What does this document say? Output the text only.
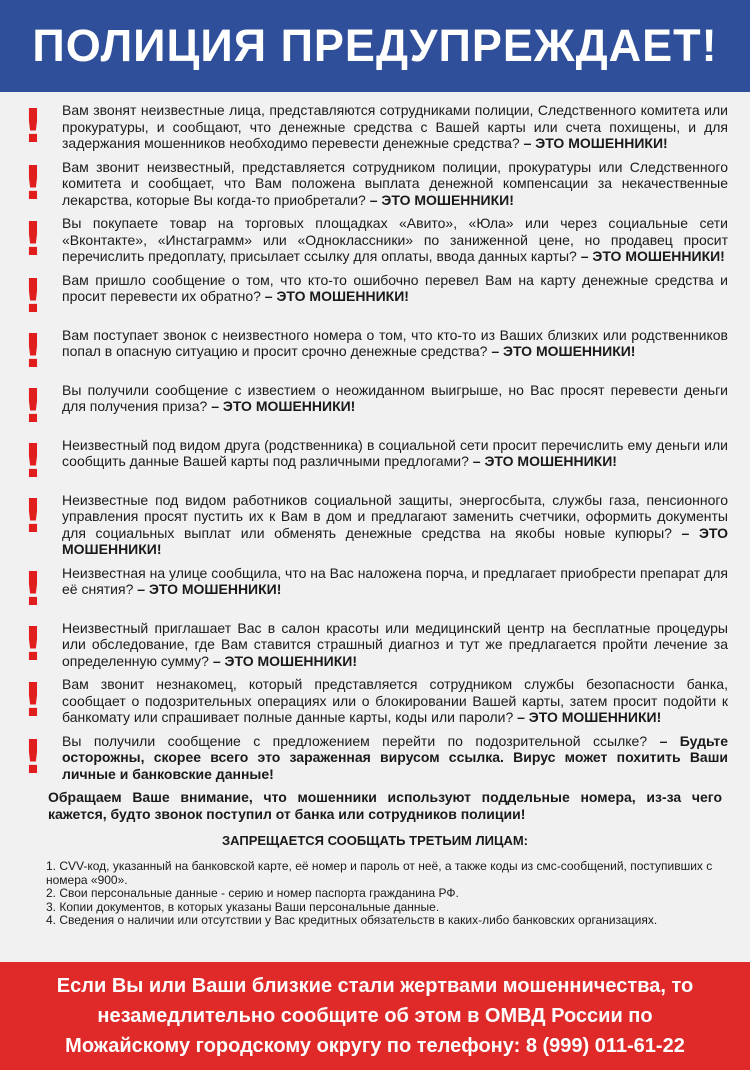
ПОЛИЦИЯ ПРЕДУПРЕЖДАЕТ!
! Вам звонят неизвестные лица, представляются сотрудниками полиции, Следственного комитета или прокуратуры, и сообщают, что денежные средства с Вашей карты или счета похищены, и для задержания мошенников необходимо перевести денежные средства? – ЭТО МОШЕННИКИ!
! Вам звонит неизвестный, представляется сотрудником полиции, прокуратуры или Следственного комитета и сообщает, что Вам положена выплата денежной компенсации за некачественные лекарства, которые Вы когда-то приобретали? – ЭТО МОШЕННИКИ!
! Вы покупаете товар на торговых площадках «Авито», «Юла» или через социальные сети «Вконтакте», «Инстаграмм» или «Одноклассники» по заниженной цене, но продавец просит перечислить предоплату, присылает ссылку для оплаты, ввода данных карты? – ЭТО МОШЕННИКИ!
! Вам пришло сообщение о том, что кто-то ошибочно перевел Вам на карту денежные средства и просит перевести их обратно? – ЭТО МОШЕННИКИ!
! Вам поступает звонок с неизвестного номера о том, что кто-то из Ваших близких или родственников попал в опасную ситуацию и просит срочно денежные средства? – ЭТО МОШЕННИКИ!
! Вы получили сообщение с известием о неожиданном выигрыше, но Вас просят перевести деньги для получения приза? – ЭТО МОШЕННИКИ!
! Неизвестный под видом друга (родственника) в социальной сети просит перечислить ему деньги или сообщить данные Вашей карты под различными предлогами? – ЭТО МОШЕННИКИ!
! Неизвестные под видом работников социальной защиты, энергосбыта, службы газа, пенсионного управления просят пустить их к Вам в дом и предлагают заменить счетчики, оформить документы для социальных выплат или обменять денежные средства на якобы новые купюры? – ЭТО МОШЕННИКИ!
! Неизвестная на улице сообщила, что на Вас наложена порча, и предлагает приобрести препарат для её снятия? – ЭТО МОШЕННИКИ!
! Неизвестный приглашает Вас в салон красоты или медицинский центр на бесплатные процедуры или обследование, где Вам ставится страшный диагноз и тут же предлагается пройти лечение за определенную сумму? – ЭТО МОШЕННИКИ!
! Вам звонит незнакомец, который представляется сотрудником службы безопасности банка, сообщает о подозрительных операциях или о блокировании Вашей карты, затем просит подойти к банкомату или спрашивает полные данные карты, коды или пароли? – ЭТО МОШЕННИКИ!
! Вы получили сообщение с предложением перейти по подозрительной ссылке? – Будьте осторожны, скорее всего это зараженная вирусом ссылка. Вирус может похитить Ваши личные и банковские данные!
Обращаем Ваше внимание, что мошенники используют поддельные номера, из-за чего кажется, будто звонок поступил от банка или сотрудников полиции!
ЗАПРЕЩАЕТСЯ СООБЩАТЬ ТРЕТЬИМ ЛИЦАМ:
1. CVV-код, указанный на банковской карте, её номер и пароль от неё, а также коды из смс-сообщений, поступивших с номера «900».
2. Свои персональные данные - серию и номер паспорта гражданина РФ.
3. Копии документов, в которых указаны Ваши персональные данные.
4. Сведения о наличии или отсутствии у Вас кредитных обязательств в каких-либо банковских организациях.
Если Вы или Ваши близкие стали жертвами мошенничества, то
незамедлительно сообщите об этом в ОМВД России по
Можайскому городскому округу по телефону: 8 (999) 011-61-22
